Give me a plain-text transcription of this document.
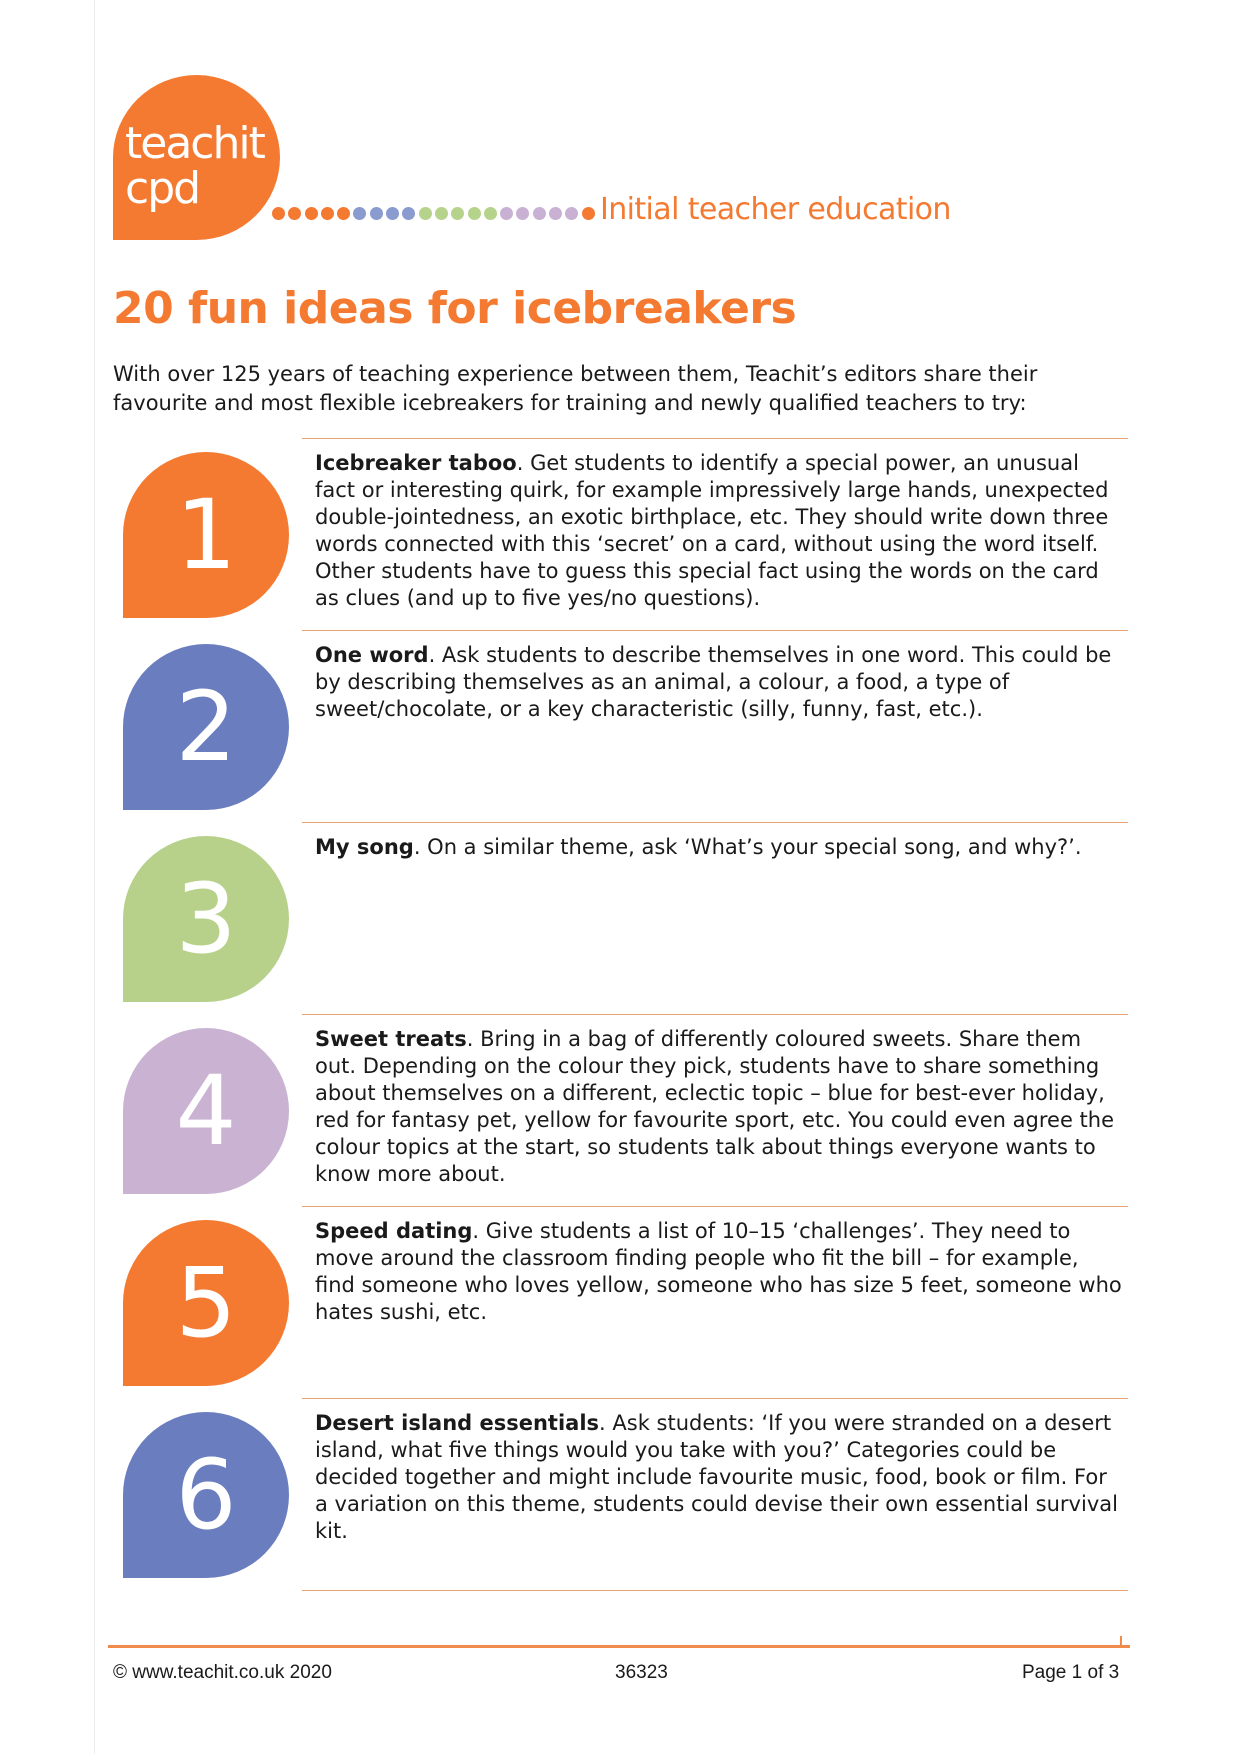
teachit
cpd	Initial teacher education
20 fun ideas for icebreakers

With over 125 years of teaching experience between them, Teachit’s editors share their favourite and most flexible icebreakers for training and newly qualified teachers to try:

1

Icebreaker taboo. Get students to identify a special power, an unusual fact or interesting quirk, for example impressively large hands, unexpected double-jointedness, an exotic birthplace, etc. They should write down three words connected with this ‘secret’ on a card, without using the word itself. Other students have to guess this special fact using the words on the card as clues (and up to five yes/no questions).

2

One word. Ask students to describe themselves in one word. This could be by describing themselves as an animal, a colour, a food, a type of sweet/chocolate, or a key characteristic (silly, funny, fast, etc.).

3

My song. On a similar theme, ask ‘What’s your special song, and why?’.

4

Sweet treats. Bring in a bag of differently coloured sweets. Share them out. Depending on the colour they pick, students have to share something about themselves on a different, eclectic topic – blue for best-ever holiday, red for fantasy pet, yellow for favourite sport, etc. You could even agree the colour topics at the start, so students talk about things everyone wants to know more about.

5

Speed dating. Give students a list of 10–15 ‘challenges’. They need to move around the classroom finding people who fit the bill – for example, find someone who loves yellow, someone who has size 5 feet, someone who hates sushi, etc.

6

Desert island essentials. Ask students: ‘If you were stranded on a desert island, what five things would you take with you?’ Categories could be decided together and might include favourite music, food, book or film. For a variation on this theme, students could devise their own essential survival kit.

© www.teachit.co.uk 2020	36323	Page 1 of 3
